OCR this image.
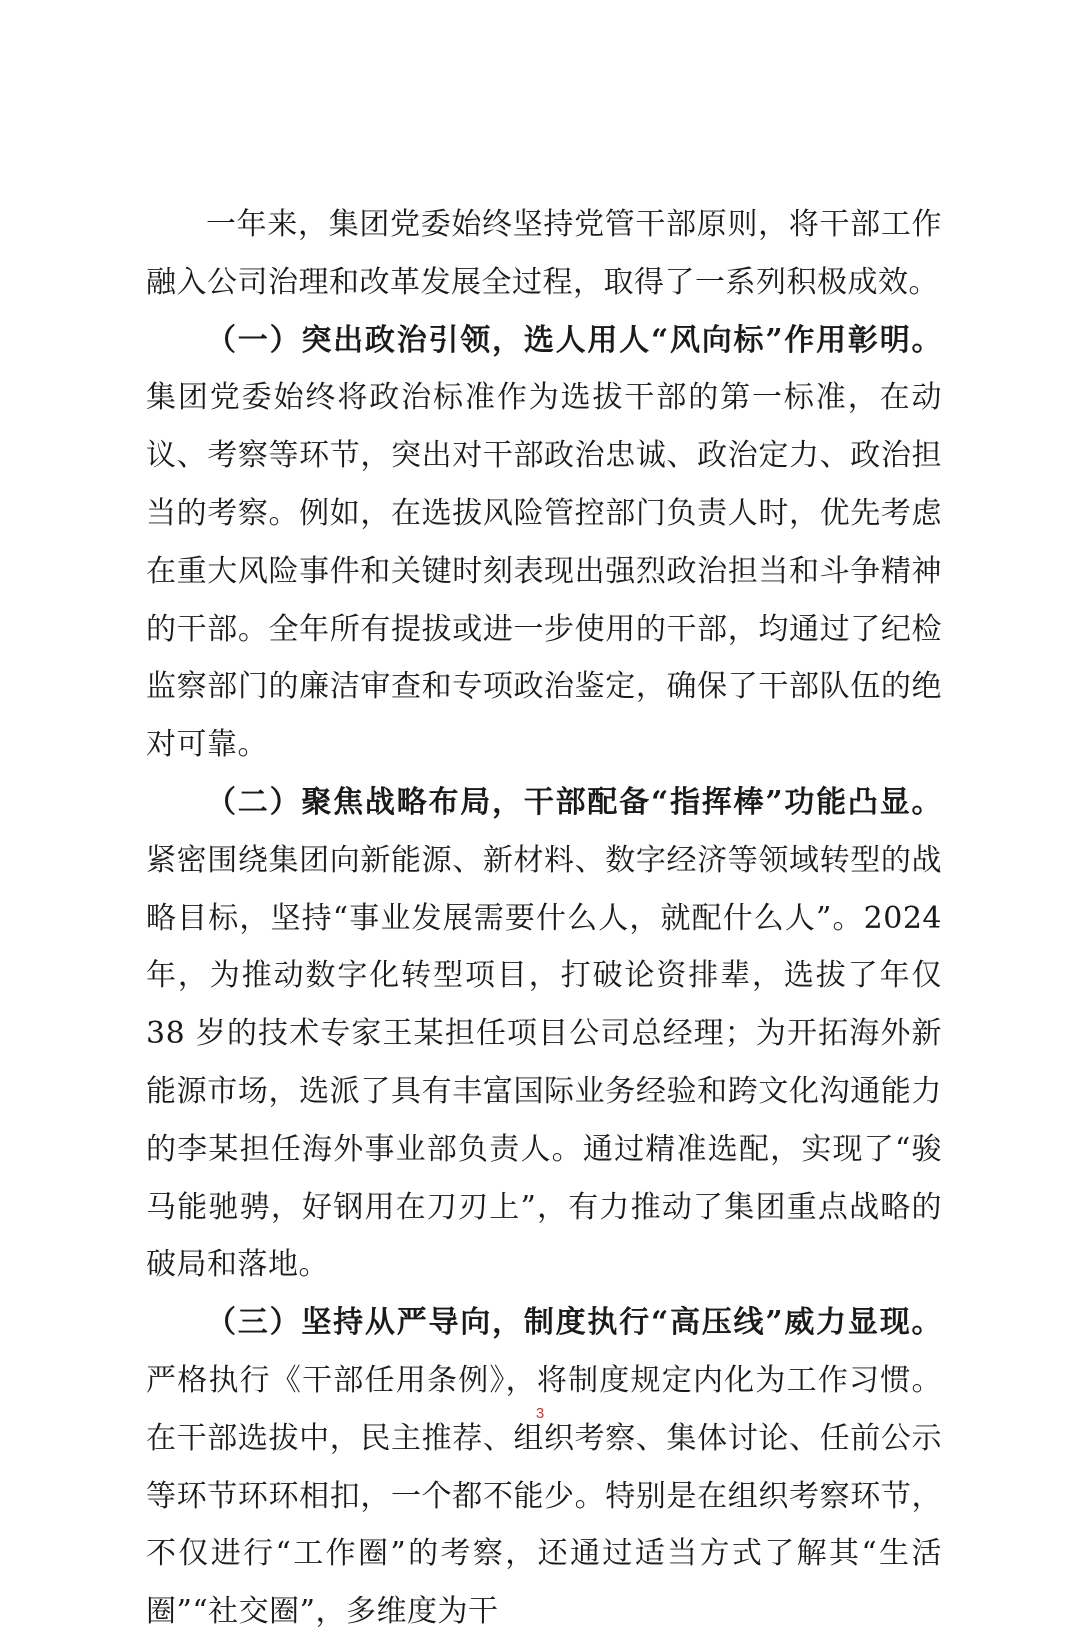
一年来，集团党委始终坚持党管干部原则，将干部工作融入公司治理和改革发展全过程，取得了一系列积极成效。

（一）突出政治引领，选人用人“风向标”作用彰明。集团党委始终将政治标准作为选拔干部的第一标准，在动议、考察等环节，突出对干部政治忠诚、政治定力、政治担当的考察。例如，在选拔风险管控部门负责人时，优先考虑在重大风险事件和关键时刻表现出强烈政治担当和斗争精神的干部。全年所有提拔或进一步使用的干部，均通过了纪检监察部门的廉洁审查和专项政治鉴定，确保了干部队伍的绝对可靠。

（二）聚焦战略布局，干部配备“指挥棒”功能凸显。紧密围绕集团向新能源、新材料、数字经济等领域转型的战略目标，坚持“事业发展需要什么人，就配什么人”。2024 年，为推动数字化转型项目，打破论资排辈，选拔了年仅 38 岁的技术专家王某担任项目公司总经理；为开拓海外新能源市场，选派了具有丰富国际业务经验和跨文化沟通能力的李某担任海外事业部负责人。通过精准选配，实现了“骏马能驰骋，好钢用在刀刃上”，有力推动了集团重点战略的破局和落地。

（三）坚持从严导向，制度执行“高压线”威力显现。严格执行《干部任用条例》，将制度规定内化为工作习惯。在干部选拔中，民主推荐、组织考察、集体讨论、任前公示等环节环环相扣，一个都不能少。特别是在组织考察环节，不仅进行“工作圈”的考察，还通过适当方式了解其“生活圈”“社交圈”，多维度为干

3
